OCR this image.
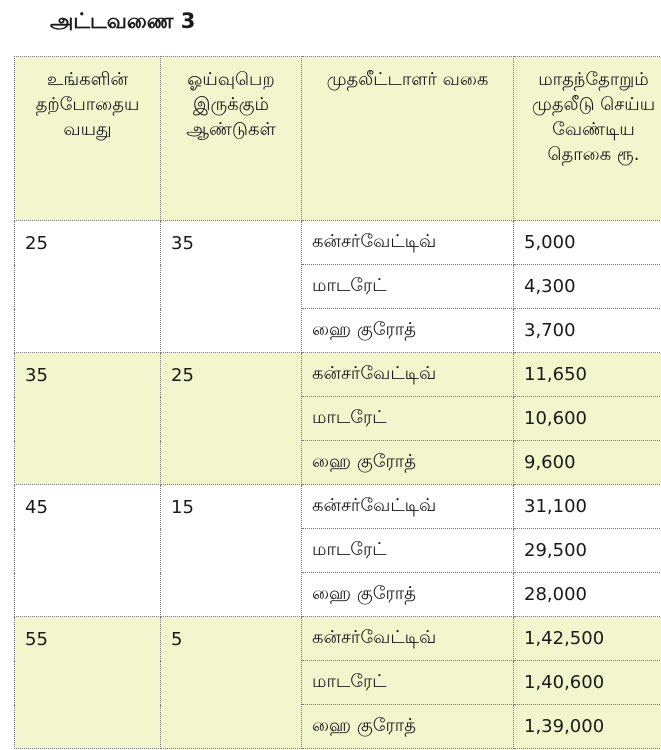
அட்டவணை 3
உங்களின் தற்போதைய வயது	ஓய்வுபெற இருக்கும் ஆண்டுகள்	முதலீட்டாளர் வகை	மாதந்தோறும் முதலீடு செய்ய வேண்டிய தொகை ரூ.
25	35	கன்சர்வேட்டிவ்	5,000
		மாடரேட்	4,300
		ஹை குரோத்	3,700
35	25	கன்சர்வேட்டிவ்	11,650
		மாடரேட்	10,600
		ஹை குரோத்	9,600
45	15	கன்சர்வேட்டிவ்	31,100
		மாடரேட்	29,500
		ஹை குரோத்	28,000
55	5	கன்சர்வேட்டிவ்	1,42,500
		மாடரேட்	1,40,600
		ஹை குரோத்	1,39,000
